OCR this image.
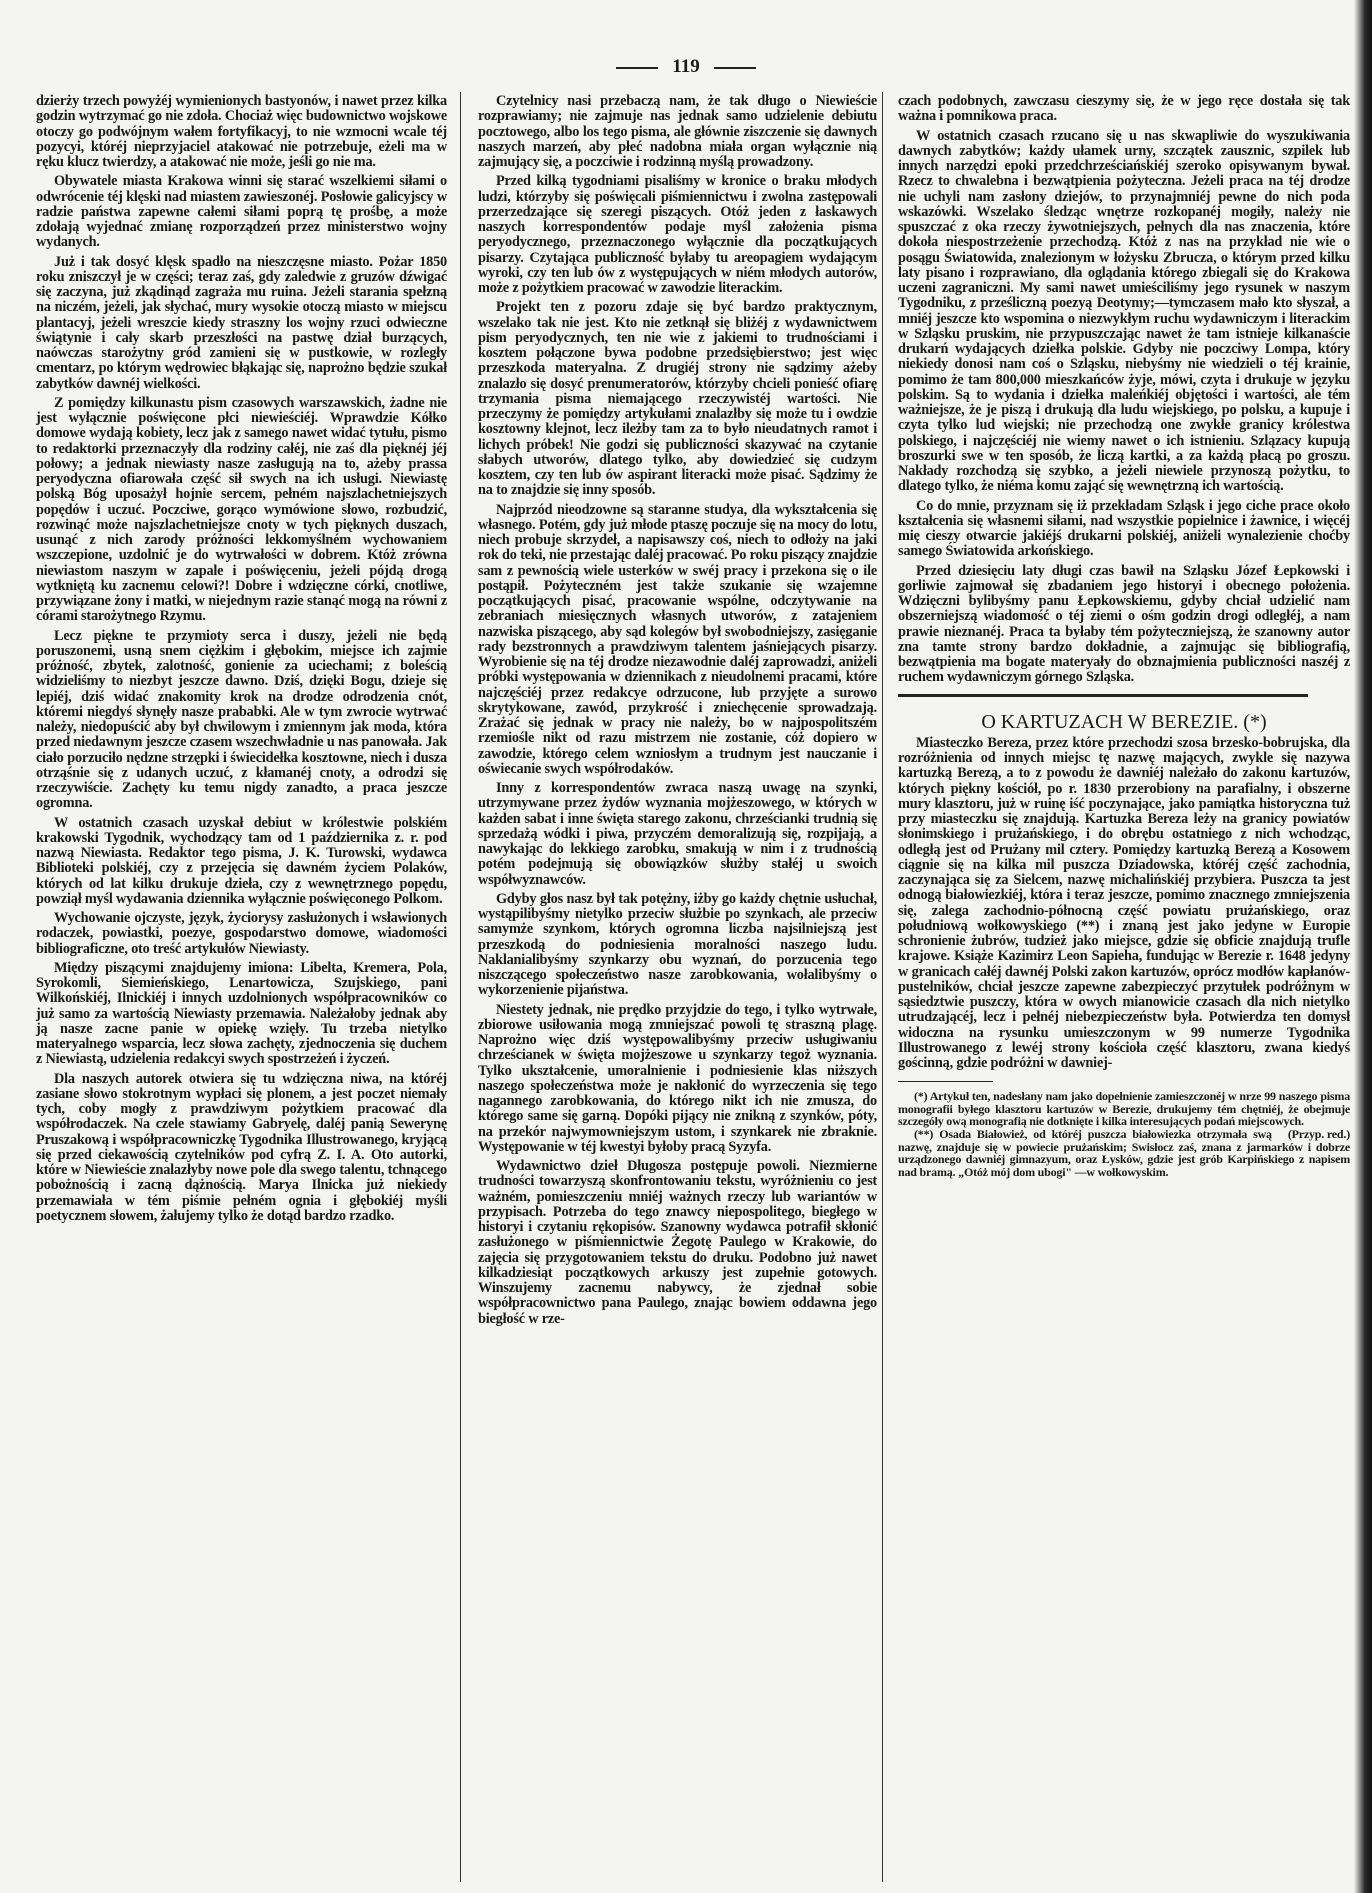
119

dzierży trzech powyżéj wymienionych bastyonów, i nawet przez kilka godzin wytrzymać go nie zdoła. Chociaż więc budownictwo wojskowe otoczy go podwójnym wałem fortyfikacyj, to nie wzmocni wcale téj pozycyi, któréj nieprzyjaciel atakować nie potrzebuje, eżeli ma w ręku klucz twierdzy, a atakować nie może, jeśli go nie ma.

Obywatele miasta Krakowa winni się starać wszelkiemi siłami o odwrócenie téj klęski nad miastem zawieszonéj. Posłowie galicyjscy w radzie państwa zapewne całemi siłami poprą tę prośbę, a może zdołają wyjednać zmianę rozporządzeń przez ministerstwo wojny wydanych.

Już i tak dosyć klęsk spadło na nieszczęsne miasto. Pożar 1850 roku zniszczył je w części; teraz zaś, gdy zaledwie z gruzów dźwigać się zaczyna, już zkądinąd zagraża mu ruina. Jeżeli starania spełzną na niczém, jeżeli, jak słychać, mury wysokie otoczą miasto w miejscu plantacyj, jeżeli wreszcie kiedy straszny los wojny rzuci odwieczne świątynie i cały skarb przeszłości na pastwę dział burzących, naówczas starożytny gród zamieni się w pustkowie, w rozległy cmentarz, po którym wędrowiec błąkając się, naprożno będzie szukał zabytków dawnéj wielkości.

Z pomiędzy kilkunastu pism czasowych warszawskich, żadne nie jest wyłącznie poświęcone płci niewieściéj. Wprawdzie Kółko domowe wydają kobiety, lecz jak z samego nawet widać tytułu, pismo to redaktorki przeznaczyły dla rodziny całéj, nie zaś dla pięknéj jéj połowy; a jednak niewiasty nasze zasługują na to, ażeby prassa peryodyczna ofiarowała część sił swych na ich usługi. Niewiastę polską Bóg uposażył hojnie sercem, pełném najszlachetniejszych popędów i uczuć. Poczciwe, gorąco wymówione słowo, rozbudzić, rozwinąć może najszlachetniejsze cnoty w tych pięknych duszach, usunąć z nich zarody próżności lekkomyślném wychowaniem wszczepione, uzdolnić je do wytrwałości w dobrem. Któż zrówna niewiastom naszym w zapale i poświęceniu, jeżeli pójdą drogą wytkniętą ku zacnemu celowi?! Dobre i wdzięczne córki, cnotliwe, przywiązane żony i matki, w niejednym razie stanąć mogą na równi z córami starożytnego Rzymu.

Lecz piękne te przymioty serca i duszy, jeżeli nie będą poruszonemi, usną snem ciężkim i głębokim, miejsce ich zajmie próżność, zbytek, zalotność, gonienie za uciechami; z boleścią widzieliśmy to niezbyt jeszcze dawno. Dziś, dzięki Bogu, dzieje się lepiéj, dziś widać znakomity krok na drodze odrodzenia cnót, któremi niegdyś słynęły nasze prababki. Ale w tym zwrocie wytrwać należy, niedopuścić aby był chwilowym i zmiennym jak moda, która przed niedawnym jeszcze czasem wszechwładnie u nas panowała. Jak ciało porzuciło nędzne strzępki i świecidełka kosztowne, niech i dusza otrząśnie się z udanych uczuć, z kłamanéj cnoty, a odrodzi się rzeczywiście. Zachęty ku temu nigdy zanadto, a praca jeszcze ogromna.

W ostatnich czasach uzyskał debiut w królestwie polskiém krakowski Tygodnik, wychodzący tam od 1 października z. r. pod nazwą Niewiasta. Redaktor tego pisma, J. K. Turowski, wydawca Biblioteki polskiéj, czy z przejęcia się dawném życiem Polaków, których od lat kilku drukuje dzieła, czy z wewnętrznego popędu, powziął myśl wydawania dziennika wyłącznie poświęconego Polkom.

Wychowanie ojczyste, język, życiorysy zasłużonych i wsławionych rodaczek, powiastki, poezye, gospodarstwo domowe, wiadomości bibliograficzne, oto treść artykułów Niewiasty.

Między piszącymi znajdujemy imiona: Libelta, Kremera, Pola, Syrokomli, Siemieńskiego, Lenartowicza, Szujskiego, pani Wilkońskiéj, Ilnickiéj i innych uzdolnionych współpracowników co już samo za wartością Niewiasty przemawia. Należałoby jednak aby ją nasze zacne panie w opiekę wzięły. Tu trzeba nietylko materyalnego wsparcia, lecz słowa zachęty, zjednoczenia się duchem z Niewiastą, udzielenia redakcyi swych spostrzeżeń i życzeń.

Dla naszych autorek otwiera się tu wdzięczna niwa, na któréj zasiane słowo stokrotnym wypłaci się plonem, a jest poczet niemały tych, coby mogły z prawdziwym pożytkiem pracować dla współrodaczek. Na czele stawiamy Gabryelę, daléj panią Sewerynę Pruszakową i współpracowniczkę Tygodnika Illustrowanego, kryjącą się przed ciekawością czytelników pod cyfrą Z. I. A. Oto autorki, które w Niewieście znalazłyby nowe pole dla swego talentu, tchnącego pobożnością i zacną dążnością. Marya Ilnicka już niekiedy przemawiała w tém piśmie pełném ognia i głębokiéj myśli poetycznem słowem, żałujemy tylko że dotąd bardzo rzadko.

Czytelnicy nasi przebaczą nam, że tak długo o Niewieście rozprawiamy; nie zajmuje nas jednak samo udzielenie debiutu pocztowego, albo los tego pisma, ale głównie ziszczenie się dawnych naszych marzeń, aby płeć nadobna miała organ wyłącznie nią zajmujący się, a poczciwie i rodzinną myślą prowadzony.

Przed kilką tygodniami pisaliśmy w kronice o braku młodych ludzi, którzyby się poświęcali piśmiennictwu i zwolna zastępowali przerzedzające się szeregi piszących. Otóż jeden z łaskawych naszych korrespondentów podaje myśl założenia pisma peryodycznego, przeznaczonego wyłącznie dla początkujących pisarzy. Czytająca publiczność byłaby tu areopagiem wydającym wyroki, czy ten lub ów z występujących w niém młodych autorów, może z pożytkiem pracować w zawodzie literackim.

Projekt ten z pozoru zdaje się być bardzo praktycznym, wszelako tak nie jest. Kto nie zetknął się bliżéj z wydawnictwem pism peryodycznych, ten nie wie z jakiemi to trudnościami i kosztem połączone bywa podobne przedsiębierstwo; jest więc przeszkoda materyalna. Z drugiéj strony nie sądzimy ażeby znalazło się dosyć prenumeratorów, którzyby chcieli ponieść ofiarę trzymania pisma niemającego rzeczywistéj wartości. Nie przeczymy że pomiędzy artykułami znalazłby się może tu i owdzie kosztowny klejnot, lecz ileżby tam za to było nieudatnych ramot i lichych próbek! Nie godzi się publiczności skazywać na czytanie słabych utworów, dlatego tylko, aby dowiedzieć się cudzym kosztem, czy ten lub ów aspirant literacki może pisać. Sądzimy że na to znajdzie się inny sposób.

Najprzód nieodzowne są staranne studya, dla wykształcenia się własnego. Potém, gdy już młode ptaszę poczuje się na mocy do lotu, niech probuje skrzydeł, a napisawszy coś, niech to odłoży na jaki rok do teki, nie przestając daléj pracować. Po roku piszący znajdzie sam z pewnością wiele usterków w swéj pracy i przekona się o ile postąpił. Pożyteczném jest także szukanie się wzajemne początkujących pisać, pracowanie wspólne, odczytywanie na zebraniach miesięcznych własnych utworów, z zatajeniem nazwiska piszącego, aby sąd kolegów był swobodniejszy, zasięganie rady bezstronnych a prawdziwym talentem jaśniejących pisarzy. Wyrobienie się na téj drodze niezawodnie daléj zaprowadzi, aniżeli próbki występowania w dziennikach z nieudolnemi pracami, które najczęściéj przez redakcye odrzucone, lub przyjęte a surowo skrytykowane, zawód, przykrość i zniechęcenie sprowadzają. Zrażać się jednak w pracy nie należy, bo w najpospolitszém rzemiośle nikt od razu mistrzem nie zostanie, cóż dopiero w zawodzie, którego celem wzniosłym a trudnym jest nauczanie i oświecanie swych współrodaków.

Inny z korrespondentów zwraca naszą uwagę na szynki, utrzymywane przez żydów wyznania mojżeszowego, w których w każden sabat i inne święta starego zakonu, chrześcianki trudnią się sprzedażą wódki i piwa, przyczém demoralizują się, rozpijają, a nawykając do lekkiego zarobku, smakują w nim i z trudnością potém podejmują się obowiązków służby stałéj u swoich współwyznawców.

Gdyby głos nasz był tak potężny, iżby go każdy chętnie usłuchał, wystąpilibyśmy nietylko przeciw służbie po szynkach, ale przeciw samymże szynkom, których ogromna liczba najsilniejszą jest przeszkodą do podniesienia moralności naszego ludu. Naklanialibyśmy szynkarzy obu wyznań, do porzucenia tego niszczącego społeczeństwo nasze zarobkowania, wołalibyśmy o wykorzenienie pijaństwa.

Niestety jednak, nie prędko przyjdzie do tego, i tylko wytrwałe, zbiorowe usiłowania mogą zmniejszać powoli tę straszną plagę. Naprożno więc dziś występowalibyśmy przeciw usługiwaniu chrześcianek w święta mojżeszowe u szynkarzy tegoż wyznania. Tylko ukształcenie, umoralnienie i podniesienie klas niższych naszego społeczeństwa może je nakłonić do wyrzeczenia się tego nagannego zarobkowania, do którego nikt ich nie zmusza, do którego same się garną. Dopóki pijący nie znikną z szynków, póty, na przekór najwymowniejszym ustom, i szynkarek nie zbraknie. Występowanie w téj kwestyi byłoby pracą Syzyfa.

Wydawnictwo dzieł Długosza postępuje powoli. Niezmierne trudności towarzyszą skonfrontowaniu tekstu, wyróżnieniu co jest ważném, pomieszczeniu mniéj ważnych rzeczy lub wariantów w przypisach. Potrzeba do tego znawcy niepospolitego, biegłego w historyi i czytaniu rękopisów. Szanowny wydawca potrafił skłonić zasłużonego w piśmiennictwie Żegotę Paulego w Krakowie, do zajęcia się przygotowaniem tekstu do druku. Podobno już nawet kilkadziesiąt początkowych arkuszy jest zupełnie gotowych. Winszujemy zacnemu nabywcy, że zjednał sobie współpracownictwo pana Paulego, znając bowiem oddawna jego biegłość w rze-

czach podobnych, zawczasu cieszymy się, że w jego ręce dostała się tak ważna i pomnikowa praca.

W ostatnich czasach rzucano się u nas skwapliwie do wyszukiwania dawnych zabytków; każdy ułamek urny, szczątek zausznic, szpilek lub innych narzędzi epoki przedchrześciańskiéj szeroko opisywanym bywał. Rzecz to chwalebna i bezwątpienia pożyteczna. Jeżeli praca na téj drodze nie uchyli nam zasłony dziejów, to przynajmniéj pewne do nich poda wskazówki. Wszelako śledząc wnętrze rozkopanéj mogiły, należy nie spuszczać z oka rzeczy żywotniejszych, pełnych dla nas znaczenia, które dokoła niespostrzeżenie przechodzą. Któż z nas na przykład nie wie o posągu Światowida, znalezionym w łożysku Zbrucza, o którym przed kilku laty pisano i rozprawiano, dla oglądania którego zbiegali się do Krakowa uczeni zagraniczni. My sami nawet umieściliśmy jego rysunek w naszym Tygodniku, z prześliczną poezyą Deotymy;—tymczasem mało kto słyszał, a mniéj jeszcze kto wspomina o niezwykłym ruchu wydawniczym i literackim w Szląsku pruskim, nie przypuszczając nawet że tam istnieje kilkanaście drukarń wydających dziełka polskie. Gdyby nie poczciwy Lompa, który niekiedy donosi nam coś o Szląsku, niebyśmy nie wiedzieli o téj krainie, pomimo że tam 800,000 mieszkańców żyje, mówi, czyta i drukuje w języku polskim. Są to wydania i dziełka maleńkiéj objętości i wartości, ale tém ważniejsze, że je piszą i drukują dla ludu wiejskiego, po polsku, a kupuje i czyta tylko lud wiejski; nie przechodzą one zwykłe granicy królestwa polskiego, i najczęściéj nie wiemy nawet o ich istnieniu. Szlązacy kupują broszurki swe w ten sposób, że liczą kartki, a za każdą płacą po groszu. Nakłady rozchodzą się szybko, a jeżeli niewiele przynoszą pożytku, to dlatego tylko, że niéma komu zająć się wewnętrzną ich wartością.

Co do mnie, przyznam się iż przekładam Szląsk i jego ciche prace około kształcenia się własnemi siłami, nad wszystkie popielnice i żawnice, i więcéj mię cieszy otwarcie jakiéjś drukarni polskiéj, aniżeli wynalezienie choćby samego Światowida arkońskiego.

Przed dziesięciu laty długi czas bawił na Szląsku Józef Łepkowski i gorliwie zajmował się zbadaniem jego historyi i obecnego położenia. Wdzięczni bylibyśmy panu Łepkowskiemu, gdyby chciał udzielić nam obszerniejszą wiadomość o téj ziemi o ośm godzin drogi odległéj, a nam prawie nieznanéj. Praca ta byłaby tém pożyteczniejszą, że szanowny autor zna tamte strony bardzo dokładnie, a zajmując się bibliografią, bezwątpienia ma bogate materyały do obznajmienia publiczności naszéj z ruchem wydawniczym górnego Szląska.

O KARTUZACH W BEREZIE. (*)

Miasteczko Bereza, przez które przechodzi szosa brzesko-bobrujska, dla rozróżnienia od innych miejsc tę nazwę mających, zwykle się nazywa kartuzką Berezą, a to z powodu że dawniéj należało do zakonu kartuzów, których piękny kościół, po r. 1830 przerobiony na parafialny, i obszerne mury klasztoru, już w ruinę iść poczynające, jako pamiątka historyczna tuż przy miasteczku się znajdują. Kartuzka Bereza leży na granicy powiatów słonimskiego i prużańskiego, i do obrębu ostatniego z nich wchodząc, odległą jest od Prużany mil cztery. Pomiędzy kartuzką Berezą a Kosowem ciągnie się na kilka mil puszcza Dziadowska, któréj część zachodnia, zaczynająca się za Sielcem, nazwę michalińskiéj przybiera. Puszcza ta jest odnogą białowiezkiéj, która i teraz jeszcze, pomimo znacznego zmniejszenia się, zalega zachodnio-północną część powiatu prużańskiego, oraz południową wołkowyskiego (**) i znaną jest jako jedyne w Europie schronienie żubrów, tudzież jako miejsce, gdzie się obficie znajdują trufle krajowe. Książe Kazimirz Leon Sapieha, fundując w Berezie r. 1648 jedyny w granicach całéj dawnéj Polski zakon kartuzów, oprócz modłów kapłanów-pustelników, chciał jeszcze zapewne zabezpieczyć przytułek podróżnym w sąsiedztwie puszczy, która w owych mianowicie czasach dla nich nietylko utrudzającéj, lecz i pełnéj niebezpieczeństw była. Potwierdza ten domysł widoczna na rysunku umieszczonym w 99 numerze Tygodnika Illustrowanego z lewéj strony kościoła część klasztoru, zwana kiedyś gościnną, gdzie podróżni w dawniej-

(*) Artykuł ten, nadesłany nam jako dopełnienie zamieszczonéj w nrze 99 naszego pisma monografii byłego klasztoru kartuzów w Berezie, drukujemy tém chętniéj, że obejmuje szczegóły ową monografią nie dotknięte i kilka interesujących podań miejscowych.
(Przyp. red.)

(**) Osada Białowież, od któréj puszcza białowiezka otrzymała swą nazwę, znajduje się w powiecie prużańskim; Swisłocz zaś, znana z jarmarków i dobrze urządzonego dawniéj gimnazyum, oraz Łysków, gdzie jest grób Karpińskiego z napisem nad bramą. „Otóż mój dom ubogi" —w wołkowyskim.
